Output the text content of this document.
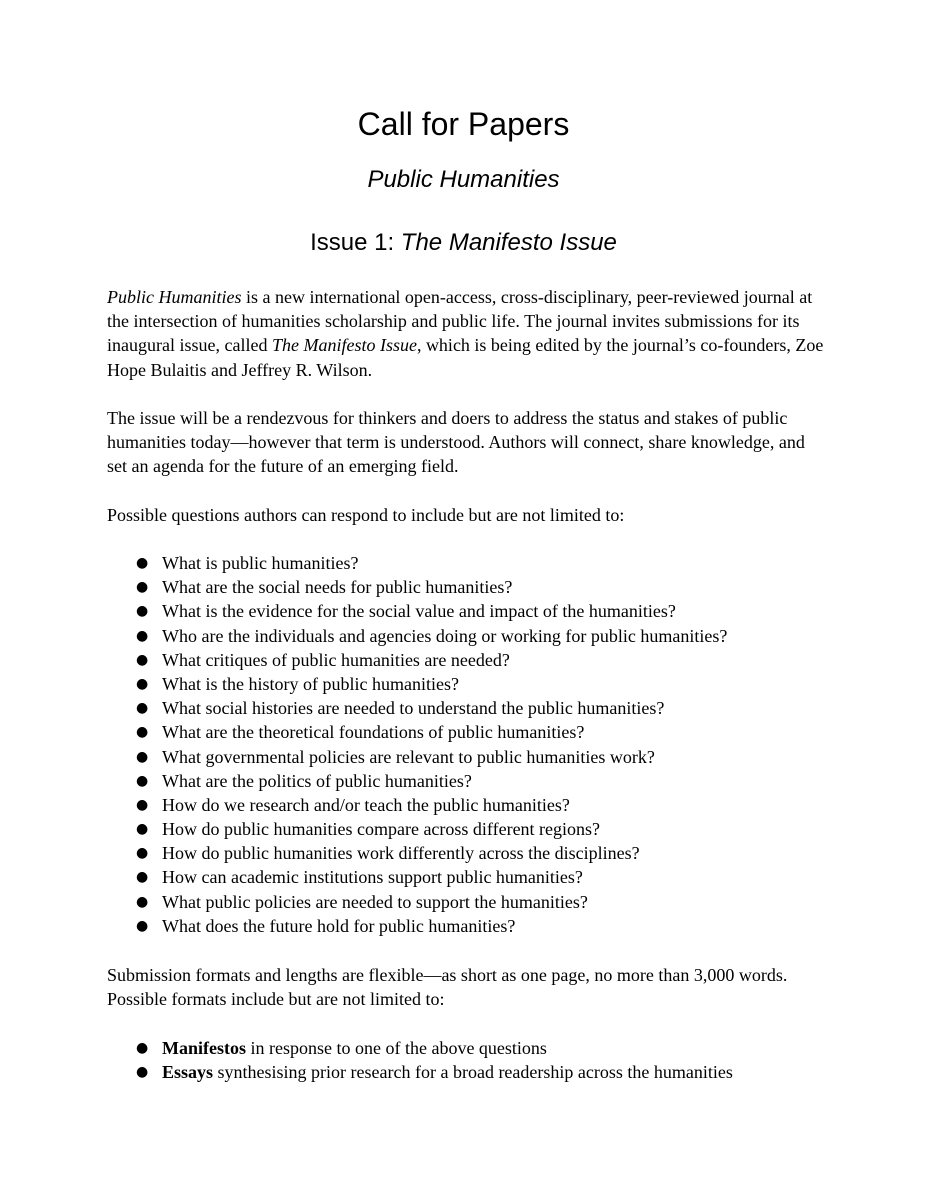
Call for Papers
Public Humanities
Issue 1: The Manifesto Issue

Public Humanities is a new international open-access, cross-disciplinary, peer-reviewed journal at the intersection of humanities scholarship and public life. The journal invites submissions for its inaugural issue, called The Manifesto Issue, which is being edited by the journal’s co-founders, Zoe Hope Bulaitis and Jeffrey R. Wilson.

The issue will be a rendezvous for thinkers and doers to address the status and stakes of public humanities today—however that term is understood. Authors will connect, share knowledge, and set an agenda for the future of an emerging field.

Possible questions authors can respond to include but are not limited to:

● What is public humanities?
● What are the social needs for public humanities?
● What is the evidence for the social value and impact of the humanities?
● Who are the individuals and agencies doing or working for public humanities?
● What critiques of public humanities are needed?
● What is the history of public humanities?
● What social histories are needed to understand the public humanities?
● What are the theoretical foundations of public humanities?
● What governmental policies are relevant to public humanities work?
● What are the politics of public humanities?
● How do we research and/or teach the public humanities?
● How do public humanities compare across different regions?
● How do public humanities work differently across the disciplines?
● How can academic institutions support public humanities?
● What public policies are needed to support the humanities?
● What does the future hold for public humanities?

Submission formats and lengths are flexible—as short as one page, no more than 3,000 words. Possible formats include but are not limited to:

● Manifestos in response to one of the above questions
● Essays synthesising prior research for a broad readership across the humanities
